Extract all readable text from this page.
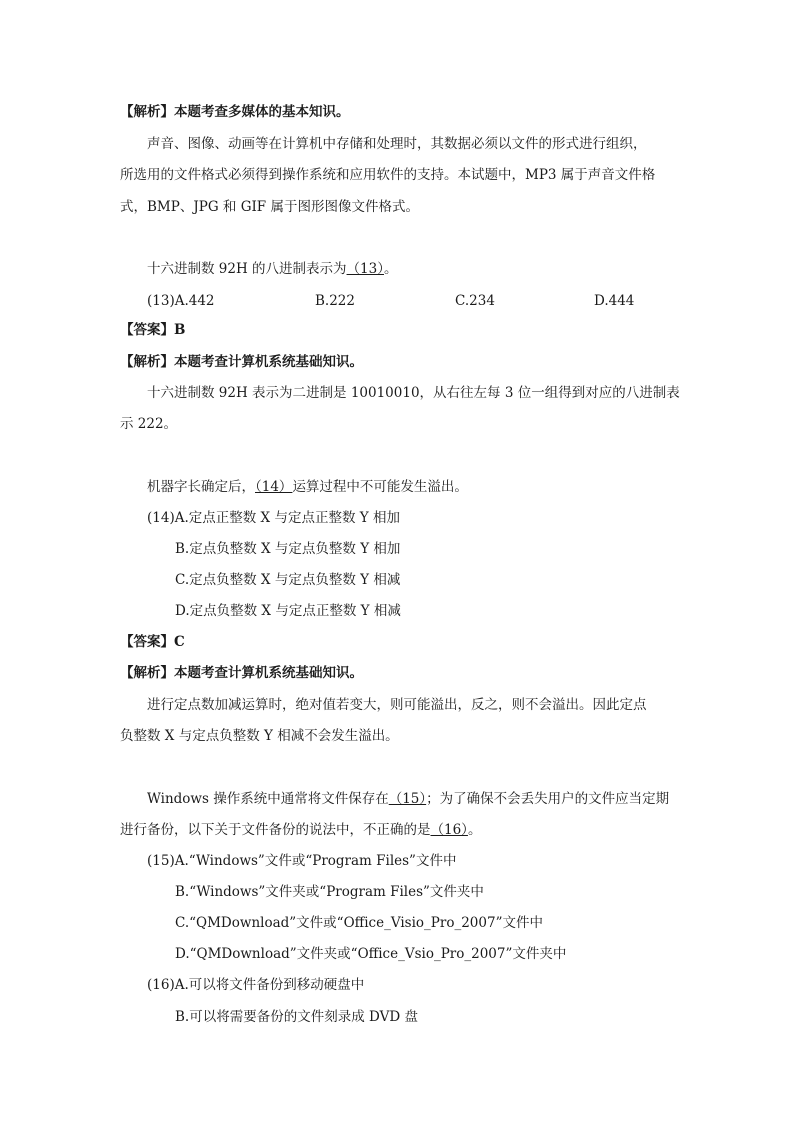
【解析】本题考查多媒体的基本知识。
声音、图像、动画等在计算机中存储和处理时，其数据必须以文件的形式进行组织，
所选用的文件格式必须得到操作系统和应用软件的支持。本试题中，MP3 属于声音文件格
式，BMP、JPG 和 GIF 属于图形图像文件格式。
十六进制数 92H 的八进制表示为（13）。
(13)A.442	B.222	C.234	D.444
【答案】B
【解析】本题考查计算机系统基础知识。
十六进制数 92H 表示为二进制是 10010010，从右往左每 3 位一组得到对应的八进制表
示 222。
机器字长确定后，（14）运算过程中不可能发生溢出。
(14)A.定点正整数 X 与定点正整数 Y 相加
B.定点负整数 X 与定点负整数 Y 相加
C.定点负整数 X 与定点负整数 Y 相减
D.定点负整数 X 与定点正整数 Y 相减
【答案】C
【解析】本题考查计算机系统基础知识。
进行定点数加减运算时，绝对值若变大，则可能溢出，反之，则不会溢出。因此定点
负整数 X 与定点负整数 Y 相减不会发生溢出。
Windows 操作系统中通常将文件保存在（15）；为了确保不会丢失用户的文件应当定期
进行备份，以下关于文件备份的说法中，不正确的是（16）。
(15)A.“Windows”文件或“Program Files”文件中
B.“Windows”文件夹或“Program Files”文件夹中
C.“QMDownload”文件或“Office_Visio_Pro_2007”文件中
D.“QMDownload”文件夹或“Office_Vsio_Pro_2007”文件夹中
(16)A.可以将文件备份到移动硬盘中
B.可以将需要备份的文件刻录成 DVD 盘
